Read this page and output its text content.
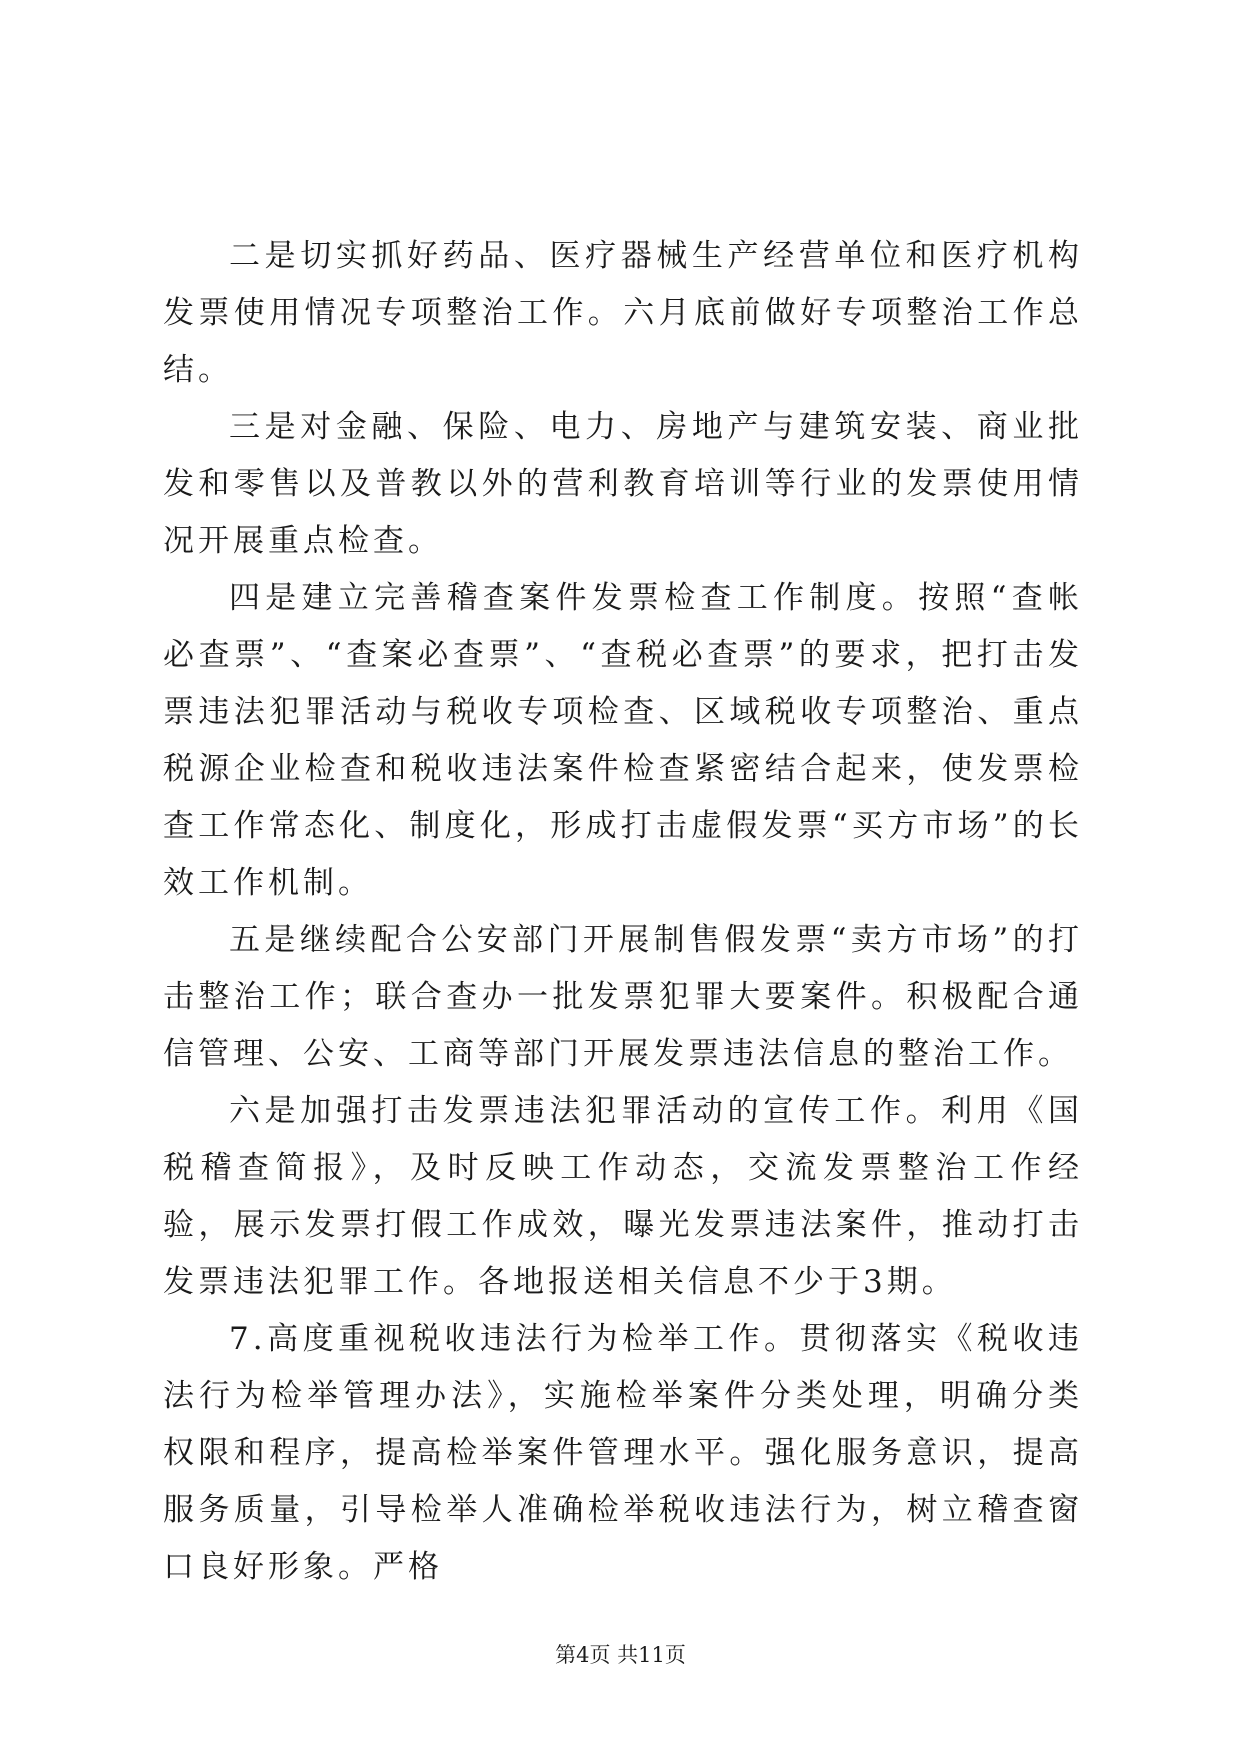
二是切实抓好药品、医疗器械生产经营单位和医疗机构发票使用情况专项整治工作。六月底前做好专项整治工作总结。

三是对金融、保险、电力、房地产与建筑安装、商业批发和零售以及普教以外的营利教育培训等行业的发票使用情况开展重点检查。

四是建立完善稽查案件发票检查工作制度。按照“查帐必查票”、“查案必查票”、“查税必查票”的要求，把打击发票违法犯罪活动与税收专项检查、区域税收专项整治、重点税源企业检查和税收违法案件检查紧密结合起来，使发票检查工作常态化、制度化，形成打击虚假发票“买方市场”的长效工作机制。

五是继续配合公安部门开展制售假发票“卖方市场”的打击整治工作；联合查办一批发票犯罪大要案件。积极配合通信管理、公安、工商等部门开展发票违法信息的整治工作。

六是加强打击发票违法犯罪活动的宣传工作。利用《国税稽查简报》，及时反映工作动态，交流发票整治工作经验，展示发票打假工作成效，曝光发票违法案件，推动打击发票违法犯罪工作。各地报送相关信息不少于3期。

7.高度重视税收违法行为检举工作。贯彻落实《税收违法行为检举管理办法》，实施检举案件分类处理，明确分类权限和程序，提高检举案件管理水平。强化服务意识，提高服务质量，引导检举人准确检举税收违法行为，树立稽查窗口良好形象。严格

第4页 共11页
